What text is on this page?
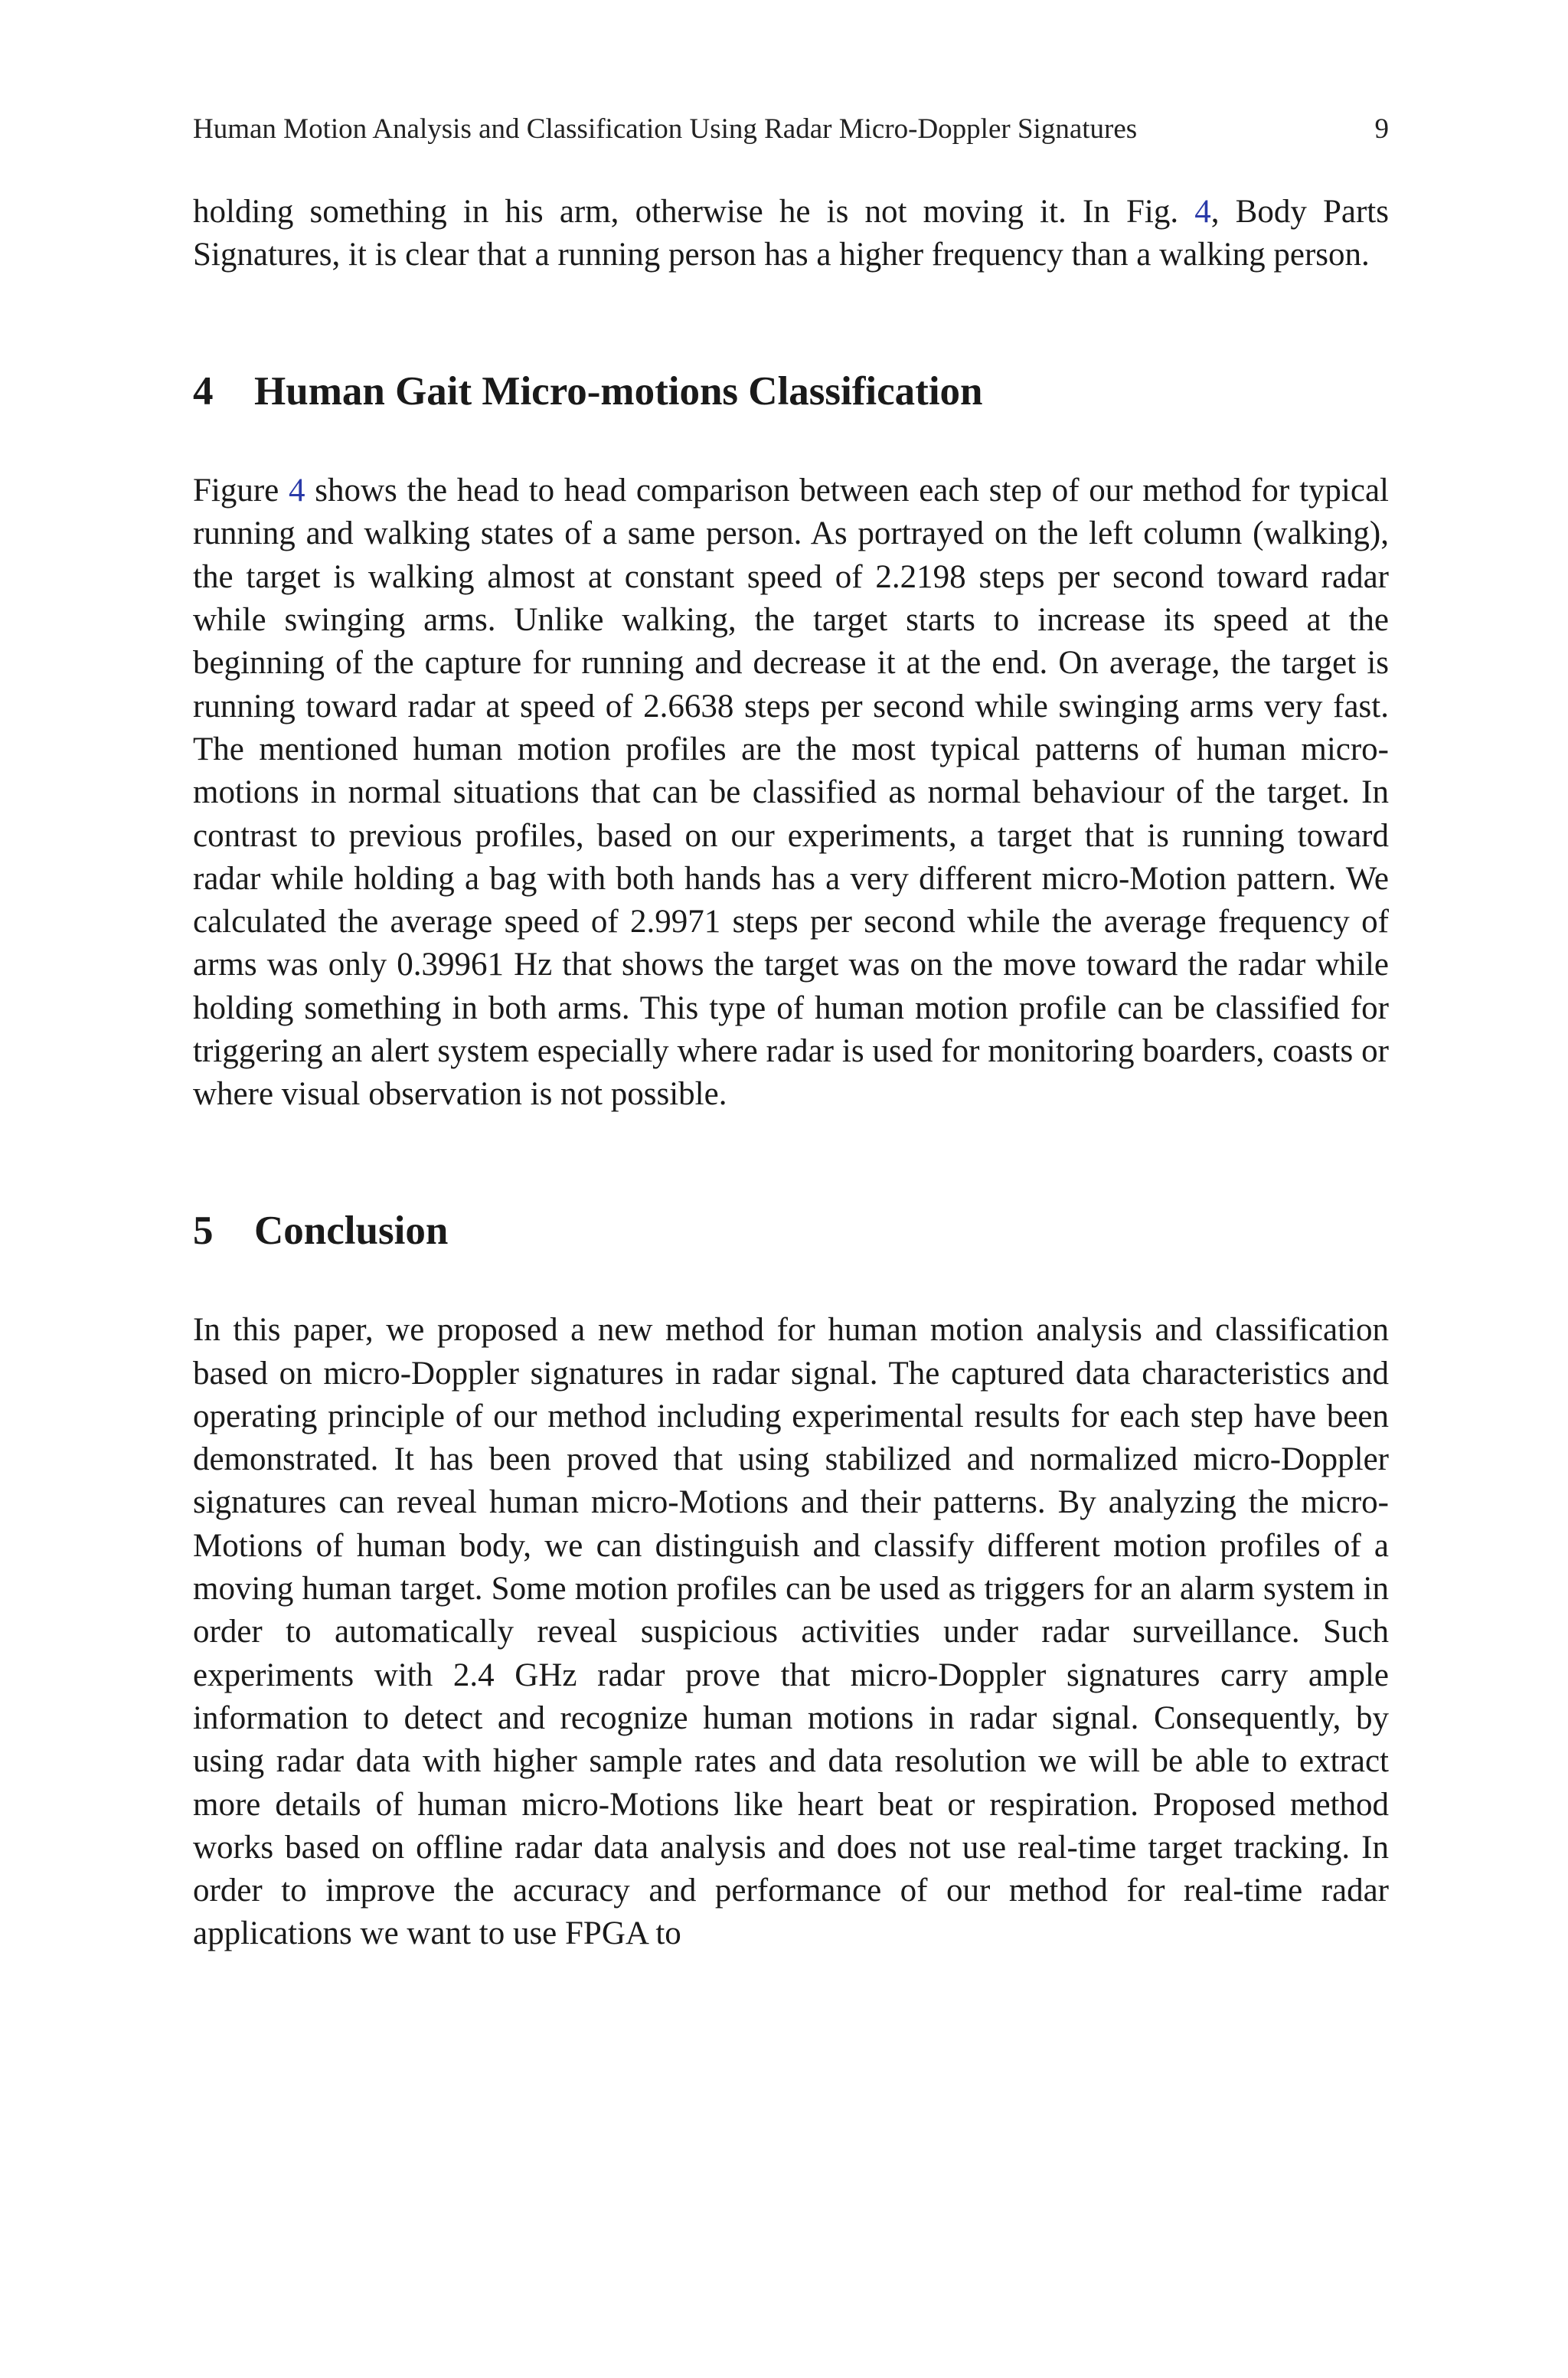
Human Motion Analysis and Classification Using Radar Micro-Doppler Signatures	9

holding something in his arm, otherwise he is not moving it. In Fig. 4, Body Parts Signatures, it is clear that a running person has a higher frequency than a walking person.

4	Human Gait Micro-motions Classification

Figure 4 shows the head to head comparison between each step of our method for typical running and walking states of a same person. As portrayed on the left column (walking), the target is walking almost at constant speed of 2.2198 steps per second toward radar while swinging arms. Unlike walking, the target starts to increase its speed at the beginning of the capture for running and decrease it at the end. On average, the target is running toward radar at speed of 2.6638 steps per second while swinging arms very fast. The mentioned human motion profiles are the most typical patterns of human micro-motions in normal situations that can be classified as normal behaviour of the target. In contrast to previous profiles, based on our experiments, a target that is running toward radar while holding a bag with both hands has a very different micro-Motion pattern. We calculated the average speed of 2.9971 steps per second while the average frequency of arms was only 0.39961 Hz that shows the target was on the move toward the radar while holding something in both arms. This type of human motion profile can be classified for triggering an alert system especially where radar is used for monitoring boarders, coasts or where visual observation is not possible.

5	Conclusion

In this paper, we proposed a new method for human motion analysis and classification based on micro-Doppler signatures in radar signal. The captured data characteristics and operating principle of our method including experimental results for each step have been demonstrated. It has been proved that using stabilized and normalized micro-Doppler signatures can reveal human micro-Motions and their patterns. By analyzing the micro-Motions of human body, we can distinguish and classify different motion profiles of a moving human target. Some motion profiles can be used as triggers for an alarm system in order to automatically reveal suspicious activities under radar surveillance. Such experiments with 2.4 GHz radar prove that micro-Doppler signatures carry ample information to detect and recognize human motions in radar signal. Consequently, by using radar data with higher sample rates and data resolution we will be able to extract more details of human micro-Motions like heart beat or respiration. Proposed method works based on offline radar data analysis and does not use real-time target tracking. In order to improve the accuracy and performance of our method for real-time radar applications we want to use FPGA to
